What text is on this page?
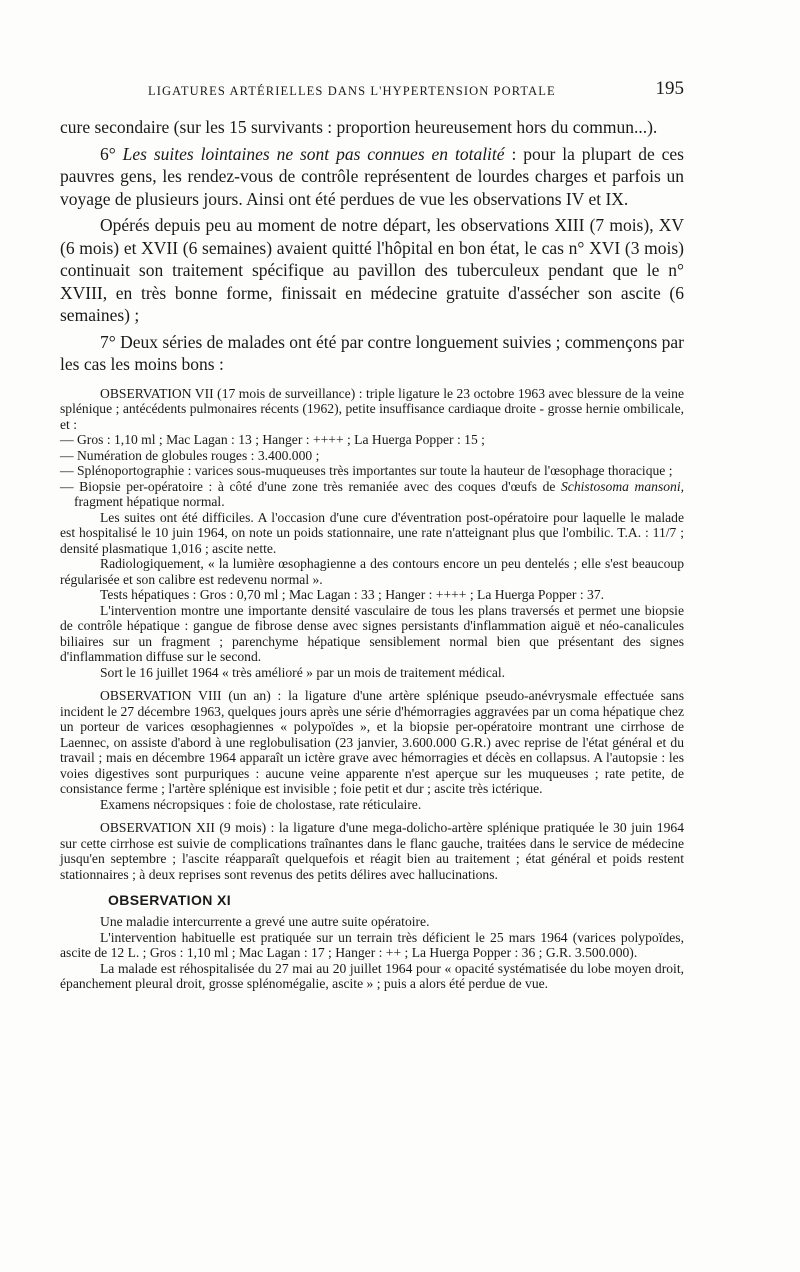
LIGATURES ARTÉRIELLES DANS L'HYPERTENSION PORTALE	195

cure secondaire (sur les 15 survivants : proportion heureusement hors du commun...).

6° Les suites lointaines ne sont pas connues en totalité : pour la plupart de ces pauvres gens, les rendez-vous de contrôle représentent de lourdes charges et parfois un voyage de plusieurs jours. Ainsi ont été perdues de vue les observations IV et IX.

Opérés depuis peu au moment de notre départ, les observations XIII (7 mois), XV (6 mois) et XVII (6 semaines) avaient quitté l'hôpital en bon état, le cas n° XVI (3 mois) continuait son traitement spécifique au pavillon des tuberculeux pendant que le n° XVIII, en très bonne forme, finissait en médecine gratuite d'assécher son ascite (6 semaines) ;

7° Deux séries de malades ont été par contre longuement suivies ; commençons par les cas les moins bons :

OBSERVATION VII (17 mois de surveillance) : triple ligature le 23 octobre 1963 avec blessure de la veine splénique ; antécédents pulmonaires récents (1962), petite insuffisance cardiaque droite - grosse hernie ombilicale, et :

— Gros : 1,10 ml ; Mac Lagan : 13 ; Hanger : ++++ ; La Huerga Popper : 15 ;

— Numération de globules rouges : 3.400.000 ;

— Splénoportographie : varices sous-muqueuses très importantes sur toute la hauteur de l'œsophage thoracique ;

— Biopsie per-opératoire : à côté d'une zone très remaniée avec des coques d'œufs de Schistosoma mansoni, fragment hépatique normal.

Les suites ont été difficiles. A l'occasion d'une cure d'éventration post-opératoire pour laquelle le malade est hospitalisé le 10 juin 1964, on note un poids stationnaire, une rate n'atteignant plus que l'ombilic. T.A. : 11/7 ; densité plasmatique 1,016 ; ascite nette.

Radiologiquement, « la lumière œsophagienne a des contours encore un peu dentelés ; elle s'est beaucoup régularisée et son calibre est redevenu normal ».

Tests hépatiques : Gros : 0,70 ml ; Mac Lagan : 33 ; Hanger : ++++ ; La Huerga Popper : 37.

L'intervention montre une importante densité vasculaire de tous les plans traversés et permet une biopsie de contrôle hépatique : gangue de fibrose dense avec signes persistants d'inflammation aiguë et néo-canalicules biliaires sur un fragment ; parenchyme hépatique sensiblement normal bien que présentant des signes d'inflammation diffuse sur le second.

Sort le 16 juillet 1964 « très amélioré » par un mois de traitement médical.

OBSERVATION VIII (un an) : la ligature d'une artère splénique pseudo-anévrysmale effectuée sans incident le 27 décembre 1963, quelques jours après une série d'hémorragies aggravées par un coma hépatique chez un porteur de varices œsophagiennes « polypoïdes », et la biopsie per-opératoire montrant une cirrhose de Laennec, on assiste d'abord à une reglobulisation (23 janvier, 3.600.000 G.R.) avec reprise de l'état général et du travail ; mais en décembre 1964 apparaît un ictère grave avec hémorragies et décès en collapsus. A l'autopsie : les voies digestives sont purpuriques : aucune veine apparente n'est aperçue sur les muqueuses ; rate petite, de consistance ferme ; l'artère splénique est invisible ; foie petit et dur ; ascite très ictérique.

Examens nécropsiques : foie de cholostase, rate réticulaire.

OBSERVATION XII (9 mois) : la ligature d'une mega-dolicho-artère splénique pratiquée le 30 juin 1964 sur cette cirrhose est suivie de complications traînantes dans le flanc gauche, traitées dans le service de médecine jusqu'en septembre ; l'ascite réapparaît quelquefois et réagit bien au traitement ; état général et poids restent stationnaires ; à deux reprises sont revenus des petits délires avec hallucinations.

OBSERVATION XI

Une maladie intercurrente a grevé une autre suite opératoire.

L'intervention habituelle est pratiquée sur un terrain très déficient le 25 mars 1964 (varices polypoïdes, ascite de 12 L. ; Gros : 1,10 ml ; Mac Lagan : 17 ; Hanger : ++ ; La Huerga Popper : 36 ; G.R. 3.500.000).

La malade est réhospitalisée du 27 mai au 20 juillet 1964 pour « opacité systématisée du lobe moyen droit, épanchement pleural droit, grosse splénomégalie, ascite » ; puis a alors été perdue de vue.
